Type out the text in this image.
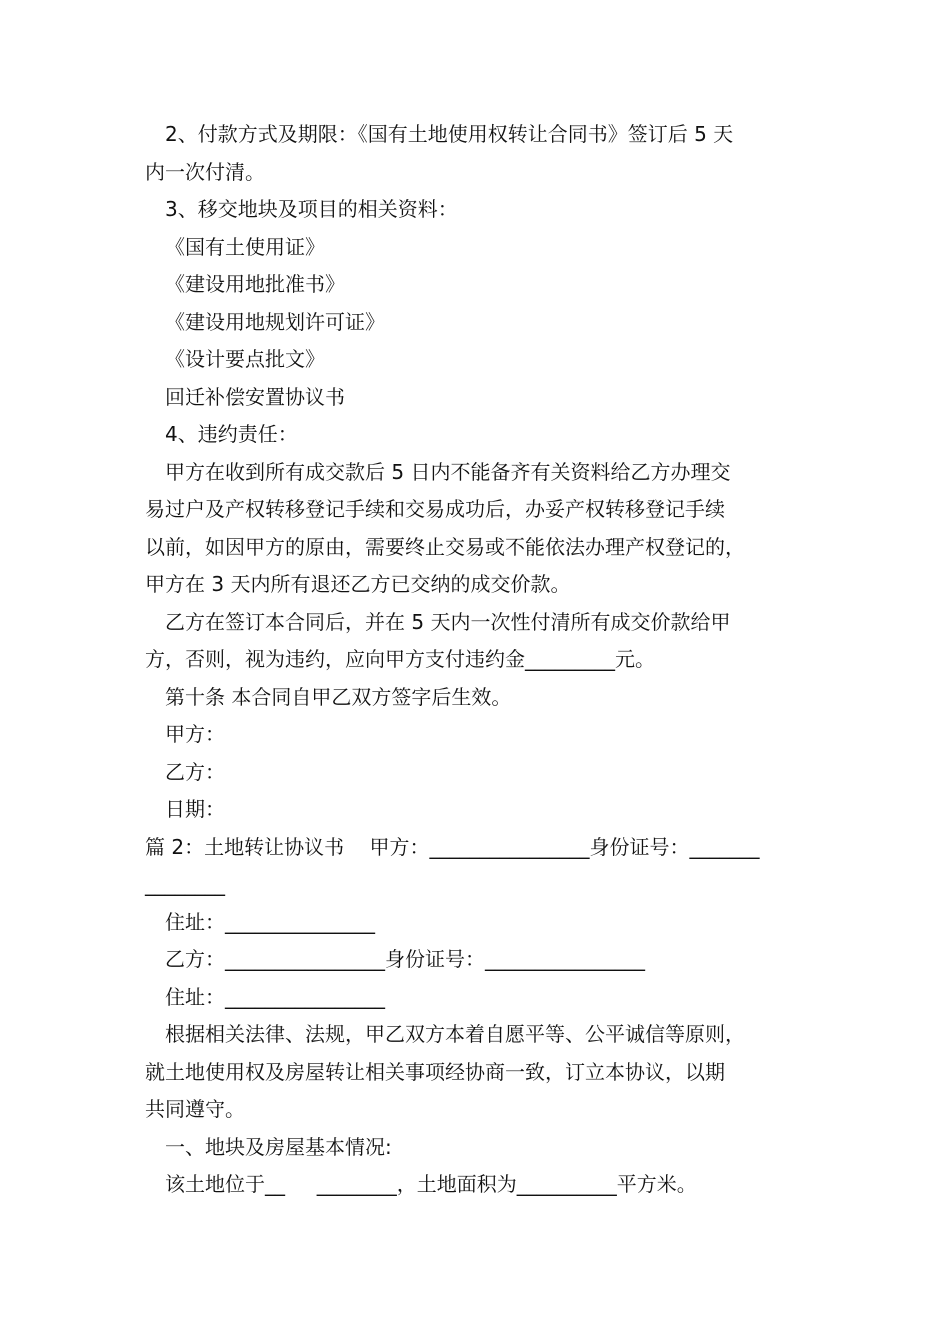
2、付款方式及期限：《国有土地使用权转让合同书》签订后 5 天

内一次付清。

3、移交地块及项目的相关资料：

《国有土使用证》

《建设用地批准书》

《建设用地规划许可证》

《设计要点批文》

回迁补偿安置协议书

4、违约责任：

甲方在收到所有成交款后 5 日内不能备齐有关资料给乙方办理交

易过户及产权转移登记手续和交易成功后，办妥产权转移登记手续

以前，如因甲方的原由，需要终止交易或不能依法办理产权登记的，

甲方在 3 天内所有退还乙方已交纳的成交价款。

乙方在签订本合同后，并在 5 天内一次性付清所有成交价款给甲

方，否则，视为违约，应向甲方支付违约金_________元。

第十条 本合同自甲乙双方签字后生效。

甲方：

乙方：

日期：

篇 2：土地转让协议书    甲方：________________身份证号：_______

________

住址：_______________

乙方：________________身份证号：________________

住址：________________

根据相关法律、法规，甲乙双方本着自愿平等、公平诚信等原则，

就土地使用权及房屋转让相关事项经协商一致，订立本协议，以期

共同遵守。

一、地块及房屋基本情况:

该土地位于__     ________，土地面积为__________平方米。
